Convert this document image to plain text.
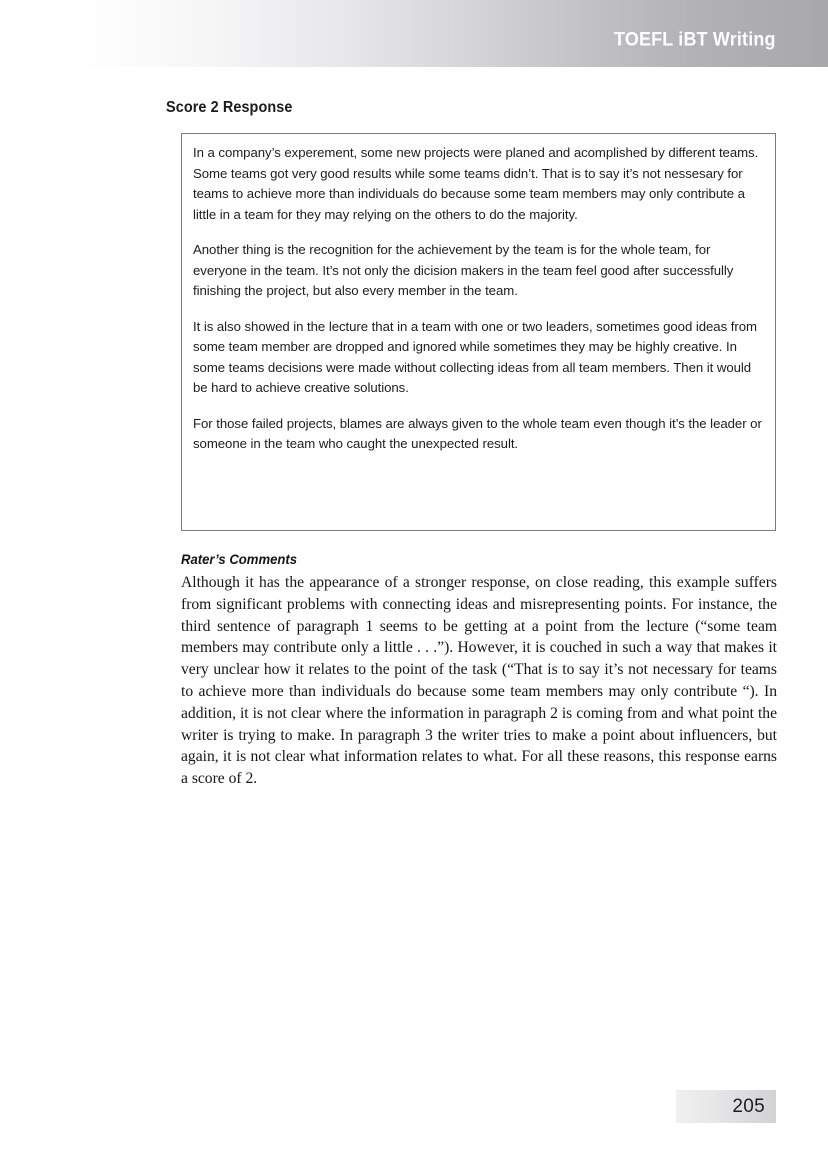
TOEFL iBT Writing
Score 2 Response

In a company’s experement, some new projects were planed and acomplished by different teams. Some teams got very good results while some teams didn’t. That is to say it’s not nessesary for teams to achieve more than individuals do because some team members may only contribute a little in a team for they may relying on the others to do the majority.

Another thing is the recognition for the achievement by the team is for the whole team, for everyone in the team. It’s not only the dicision makers in the team feel good after successfully finishing the project, but also every member in the team.

It is also showed in the lecture that in a team with one or two leaders, sometimes good ideas from some team member are dropped and ignored while sometimes they may be highly creative. In some teams decisions were made without collecting ideas from all team members. Then it would be hard to achieve creative solutions.

For those failed projects, blames are always given to the whole team even though it’s the leader or someone in the team who caught the unexpected result.

Rater’s Comments

Although it has the appearance of a stronger response, on close reading, this example suffers from significant problems with connecting ideas and misrepresenting points. For instance, the third sentence of paragraph 1 seems to be getting at a point from the lecture (“some team members may contribute only a little . . .”). However, it is couched in such a way that makes it very unclear how it relates to the point of the task (“That is to say it’s not necessary for teams to achieve more than individuals do because some team members may only contribute “). In addition, it is not clear where the information in paragraph 2 is coming from and what point the writer is trying to make. In paragraph 3 the writer tries to make a point about influencers, but again, it is not clear what information relates to what. For all these reasons, this response earns a score of 2.

205
